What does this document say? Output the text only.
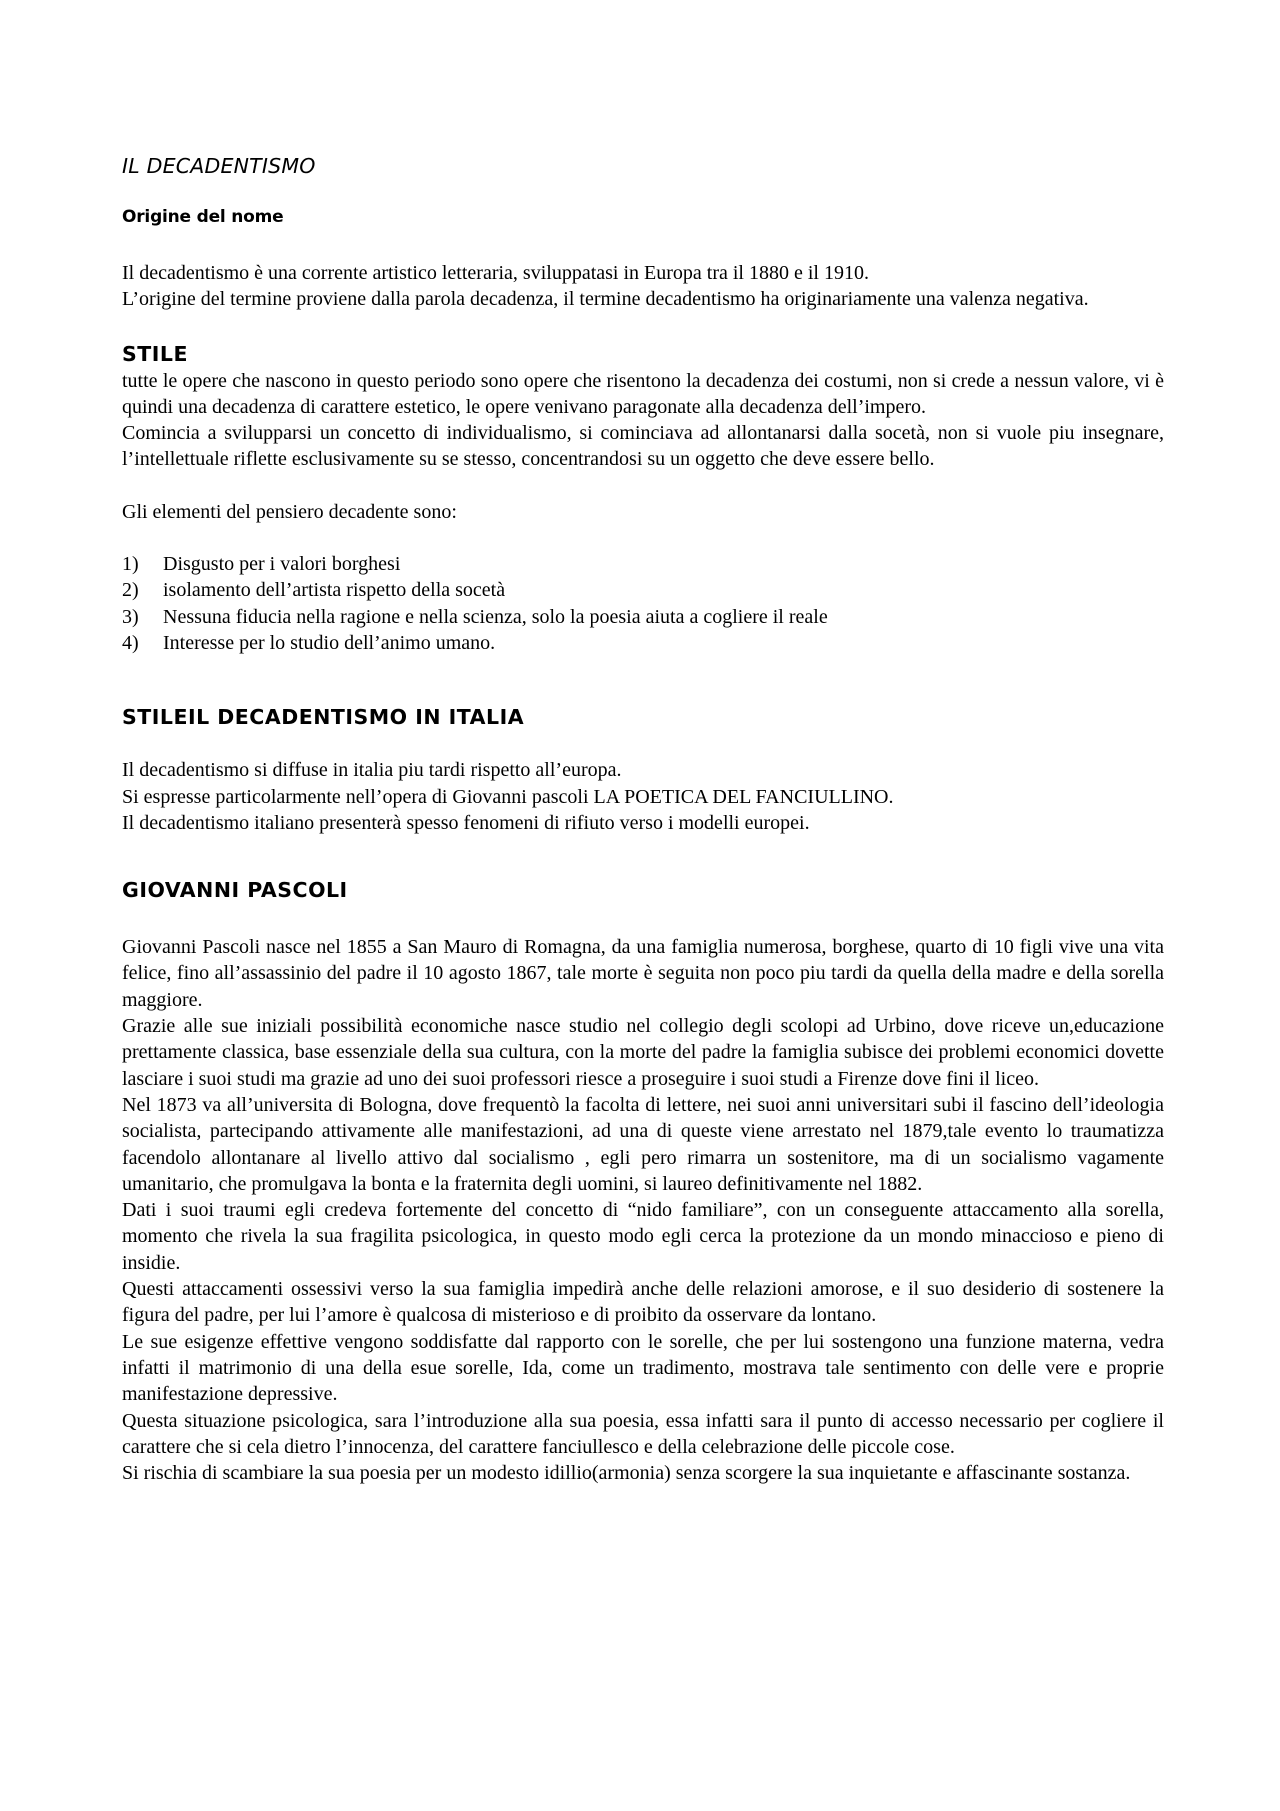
IL DECADENTISMO
Origine del nome

Il decadentismo è una corrente artistico letteraria, sviluppatasi in Europa tra il 1880 e il 1910.

L’origine del termine proviene dalla parola decadenza, il termine decadentismo ha originariamente una valenza negativa.

STILE

tutte le opere che nascono in questo periodo sono opere che risentono la decadenza dei costumi, non si crede a nessun valore, vi è quindi una decadenza di carattere estetico, le opere venivano paragonate alla decadenza dell’impero.

Comincia a svilupparsi un concetto di individualismo, si cominciava ad allontanarsi dalla socetà, non si vuole piu insegnare, l’intellettuale riflette esclusivamente su se stesso, concentrandosi su un oggetto che deve essere bello.

Gli elementi del pensiero decadente sono:

1) Disgusto per i valori borghesi
2) isolamento dell’artista rispetto della socetà
3) Nessuna fiducia nella ragione e nella scienza, solo la poesia aiuta a cogliere il reale
4) Interesse per lo studio dell’animo umano.
STILEIL DECADENTISMO IN ITALIA

Il decadentismo si diffuse in italia piu tardi rispetto all’europa.

Si espresse particolarmente nell’opera di Giovanni pascoli LA POETICA DEL FANCIULLINO.

Il decadentismo italiano presenterà spesso fenomeni di rifiuto verso i modelli europei.

GIOVANNI PASCOLI

Giovanni Pascoli nasce nel 1855 a San Mauro di Romagna, da una famiglia numerosa, borghese, quarto di 10 figli vive una vita felice, fino all’assassinio del padre il 10 agosto 1867, tale morte è seguita non poco piu tardi da quella della madre e della sorella maggiore.

Grazie alle sue iniziali possibilità economiche nasce studio nel collegio degli scolopi ad Urbino, dove riceve un,educazione prettamente classica, base essenziale della sua cultura, con la morte del padre la famiglia subisce dei problemi economici dovette lasciare i suoi studi ma grazie ad uno dei suoi professori riesce a proseguire i suoi studi a Firenze dove fini il liceo.

Nel 1873 va all’universita di Bologna, dove frequentò la facolta di lettere, nei suoi anni universitari subi il fascino dell’ideologia socialista, partecipando attivamente alle manifestazioni, ad una di queste viene arrestato nel 1879,tale evento lo traumatizza facendolo allontanare al livello attivo dal socialismo , egli pero rimarra un sostenitore, ma di un socialismo vagamente umanitario, che promulgava la bonta e la fraternita degli uomini, si laureo definitivamente nel 1882.

Dati i suoi traumi egli credeva fortemente del concetto di “nido familiare”, con un conseguente attaccamento alla sorella, momento che rivela la sua fragilita psicologica, in questo modo egli cerca la protezione da un mondo minaccioso e pieno di insidie.

Questi attaccamenti ossessivi verso la sua famiglia impedirà anche delle relazioni amorose, e il suo desiderio di sostenere la figura del padre, per lui l’amore è qualcosa di misterioso e di proibito da osservare da lontano.

Le sue esigenze effettive vengono soddisfatte dal rapporto con le sorelle, che per lui sostengono una funzione materna, vedra infatti il matrimonio di una della esue sorelle, Ida, come un tradimento, mostrava tale sentimento con delle vere e proprie manifestazione depressive.

Questa situazione psicologica, sara l’introduzione alla sua poesia, essa infatti sara il punto di accesso necessario per cogliere il carattere che si cela dietro l’innocenza, del carattere fanciullesco e della celebrazione delle piccole cose.

Si rischia di scambiare la sua poesia per un modesto idillio(armonia) senza scorgere la sua inquietante e affascinante sostanza.
